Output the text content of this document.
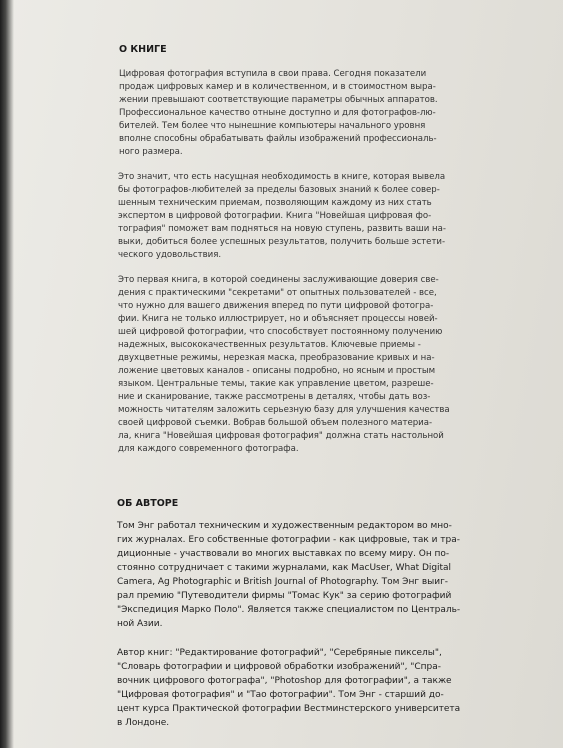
О КНИГЕ

Цифровая фотография вступила в свои права. Сегодня показатели
продаж цифровых камер и в количественном, и в стоимостном выра-
жении превышают соответствующие параметры обычных аппаратов.
Профессиональное качество отныне доступно и для фотографов-лю-
бителей. Тем более что нынешние компьютеры начального уровня
вполне способны обрабатывать файлы изображений профессиональ-
ного размера.

Это значит, что есть насущная необходимость в книге, которая вывела
бы фотографов-любителей за пределы базовых знаний к более совер-
шенным техническим приемам, позволяющим каждому из них стать
экспертом в цифровой фотографии. Книга "Новейшая цифровая фо-
тография" поможет вам подняться на новую ступень, развить ваши на-
выки, добиться более успешных результатов, получить больше эстети-
ческого удовольствия.

Это первая книга, в которой соединены заслуживающие доверия све-
дения с практическими "секретами" от опытных пользователей - все,
что нужно для вашего движения вперед по пути цифровой фотогра-
фии. Книга не только иллюстрирует, но и объясняет процессы новей-
шей цифровой фотографии, что способствует постоянному получению
надежных, высококачественных результатов. Ключевые приемы -
двухцветные режимы, нерезкая маска, преобразование кривых и на-
ложение цветовых каналов - описаны подробно, но ясным и простым
языком. Центральные темы, такие как управление цветом, разреше-
ние и сканирование, также рассмотрены в деталях, чтобы дать воз-
можность читателям заложить серьезную базу для улучшения качества
своей цифровой съемки. Вобрав большой объем полезного материа-
ла, книга "Новейшая цифровая фотография" должна стать настольной
для каждого современного фотографа.

ОБ АВТОРЕ

Том Энг работал техническим и художественным редактором во мно-
гих журналах. Его собственные фотографии - как цифровые, так и тра-
диционные - участвовали во многих выставках по всему миру. Он по-
стоянно сотрудничает с такими журналами, как MacUser, What Digital
Camera, Ag Photographic и British Journal of Photography. Том Энг выиг-
рал премию "Путеводители фирмы "Томас Кук" за серию фотографий
"Экспедиция Марко Поло". Является также специалистом по Централь-
ной Азии.

Автор книг: "Редактирование фотографий", "Серебряные пикселы",
"Словарь фотографии и цифровой обработки изображений", "Спра-
вочник цифрового фотографа", "Photoshop для фотографии", а также
"Цифровая фотография" и "Тао фотографии". Том Энг - старший до-
цент курса Практической фотографии Вестминстерского университета
в Лондоне.
